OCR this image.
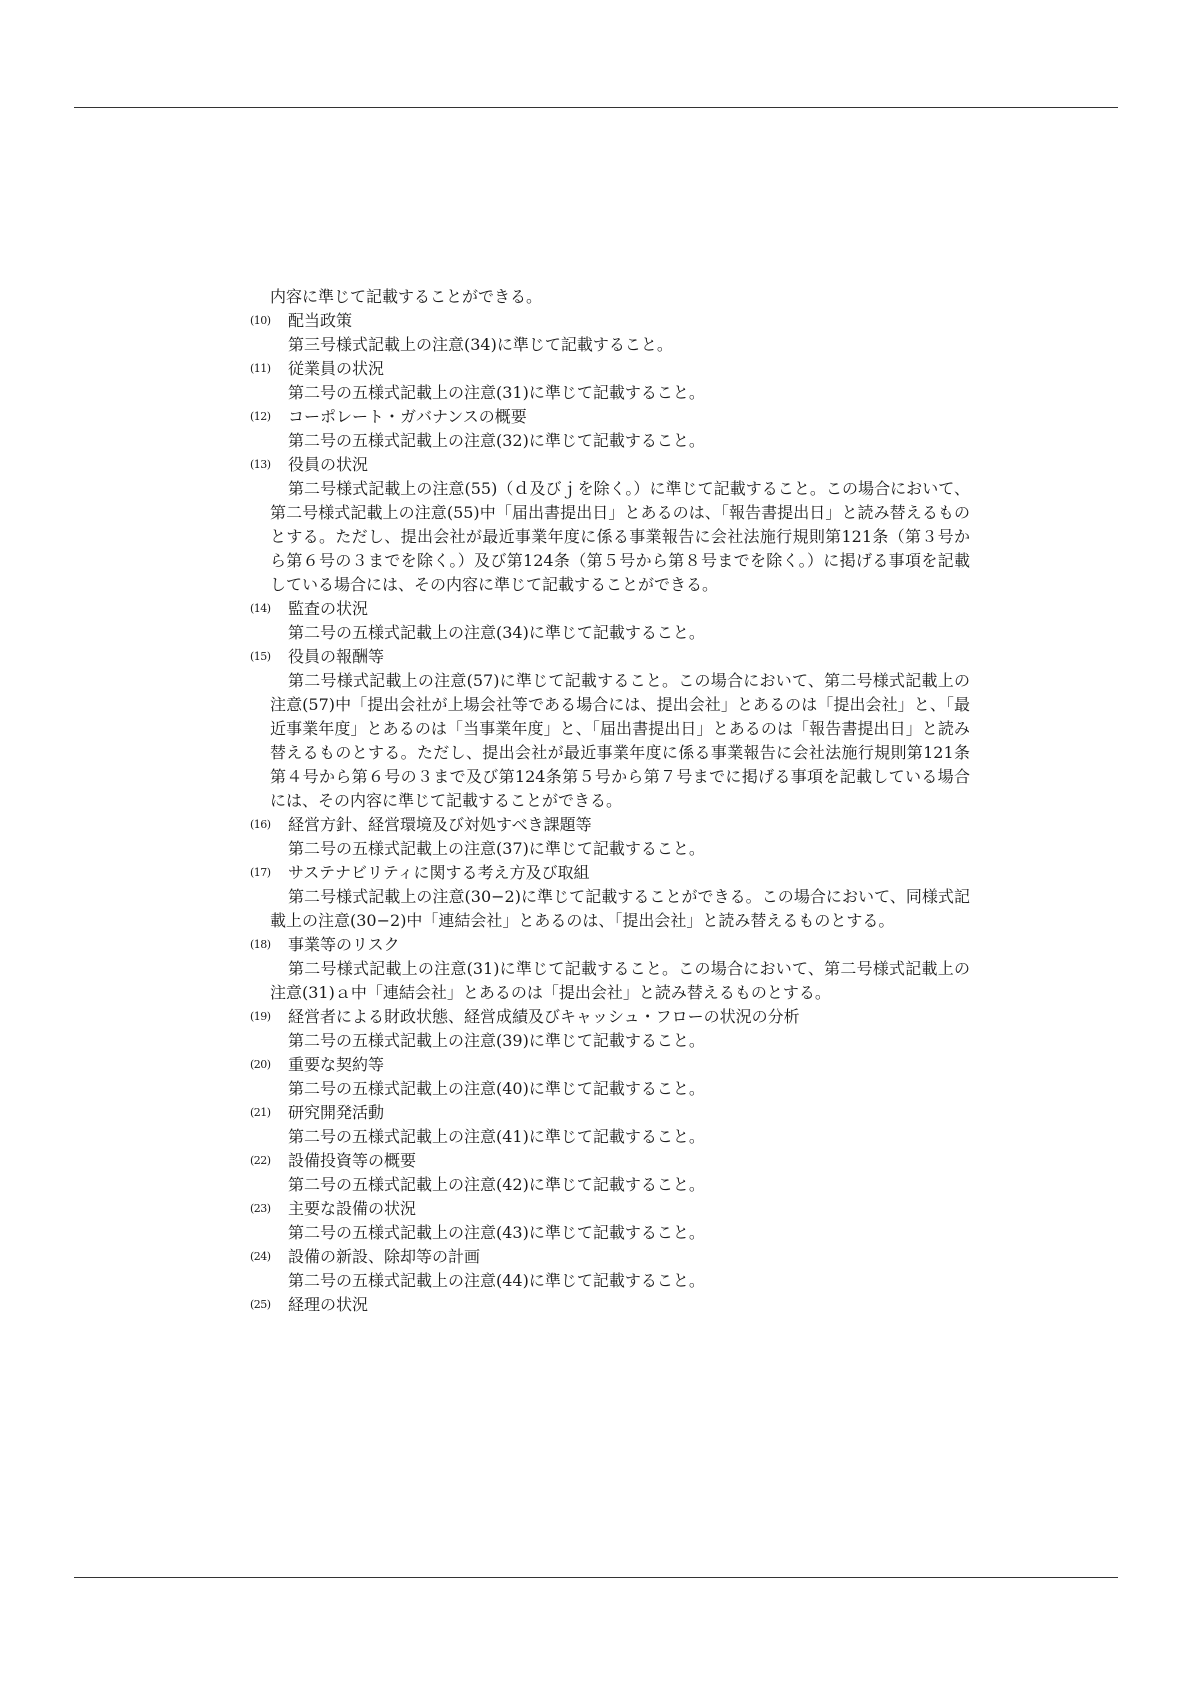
内容に準じて記載することができる。
(10) 配当政策
第三号様式記載上の注意(34)に準じて記載すること。
(11) 従業員の状況
第二号の五様式記載上の注意(31)に準じて記載すること。
(12) コーポレート・ガバナンスの概要
第二号の五様式記載上の注意(32)に準じて記載すること。
(13) 役員の状況
第二号様式記載上の注意(55)（ｄ及びｊを除く。）に準じて記載すること。この場合において、第二号様式記載上の注意(55)中「届出書提出日」とあるのは、「報告書提出日」と読み替えるものとする。ただし、提出会社が最近事業年度に係る事業報告に会社法施行規則第121条（第３号から第６号の３までを除く。）及び第124条（第５号から第８号までを除く。）に掲げる事項を記載している場合には、その内容に準じて記載することができる。
(14) 監査の状況
第二号の五様式記載上の注意(34)に準じて記載すること。
(15) 役員の報酬等
第二号様式記載上の注意(57)に準じて記載すること。この場合において、第二号様式記載上の注意(57)中「提出会社が上場会社等である場合には、提出会社」とあるのは「提出会社」と、「最近事業年度」とあるのは「当事業年度」と、「届出書提出日」とあるのは「報告書提出日」と読み替えるものとする。ただし、提出会社が最近事業年度に係る事業報告に会社法施行規則第121条第４号から第６号の３まで及び第124条第５号から第７号までに掲げる事項を記載している場合には、その内容に準じて記載することができる。
(16) 経営方針、経営環境及び対処すべき課題等
第二号の五様式記載上の注意(37)に準じて記載すること。
(17) サステナビリティに関する考え方及び取組
第二号様式記載上の注意(30−2)に準じて記載することができる。この場合において、同様式記載上の注意(30−2)中「連結会社」とあるのは、「提出会社」と読み替えるものとする。
(18) 事業等のリスク
第二号様式記載上の注意(31)に準じて記載すること。この場合において、第二号様式記載上の注意(31)ａ中「連結会社」とあるのは「提出会社」と読み替えるものとする。
(19) 経営者による財政状態、経営成績及びキャッシュ・フローの状況の分析
第二号の五様式記載上の注意(39)に準じて記載すること。
(20) 重要な契約等
第二号の五様式記載上の注意(40)に準じて記載すること。
(21) 研究開発活動
第二号の五様式記載上の注意(41)に準じて記載すること。
(22) 設備投資等の概要
第二号の五様式記載上の注意(42)に準じて記載すること。
(23) 主要な設備の状況
第二号の五様式記載上の注意(43)に準じて記載すること。
(24) 設備の新設、除却等の計画
第二号の五様式記載上の注意(44)に準じて記載すること。
(25) 経理の状況
